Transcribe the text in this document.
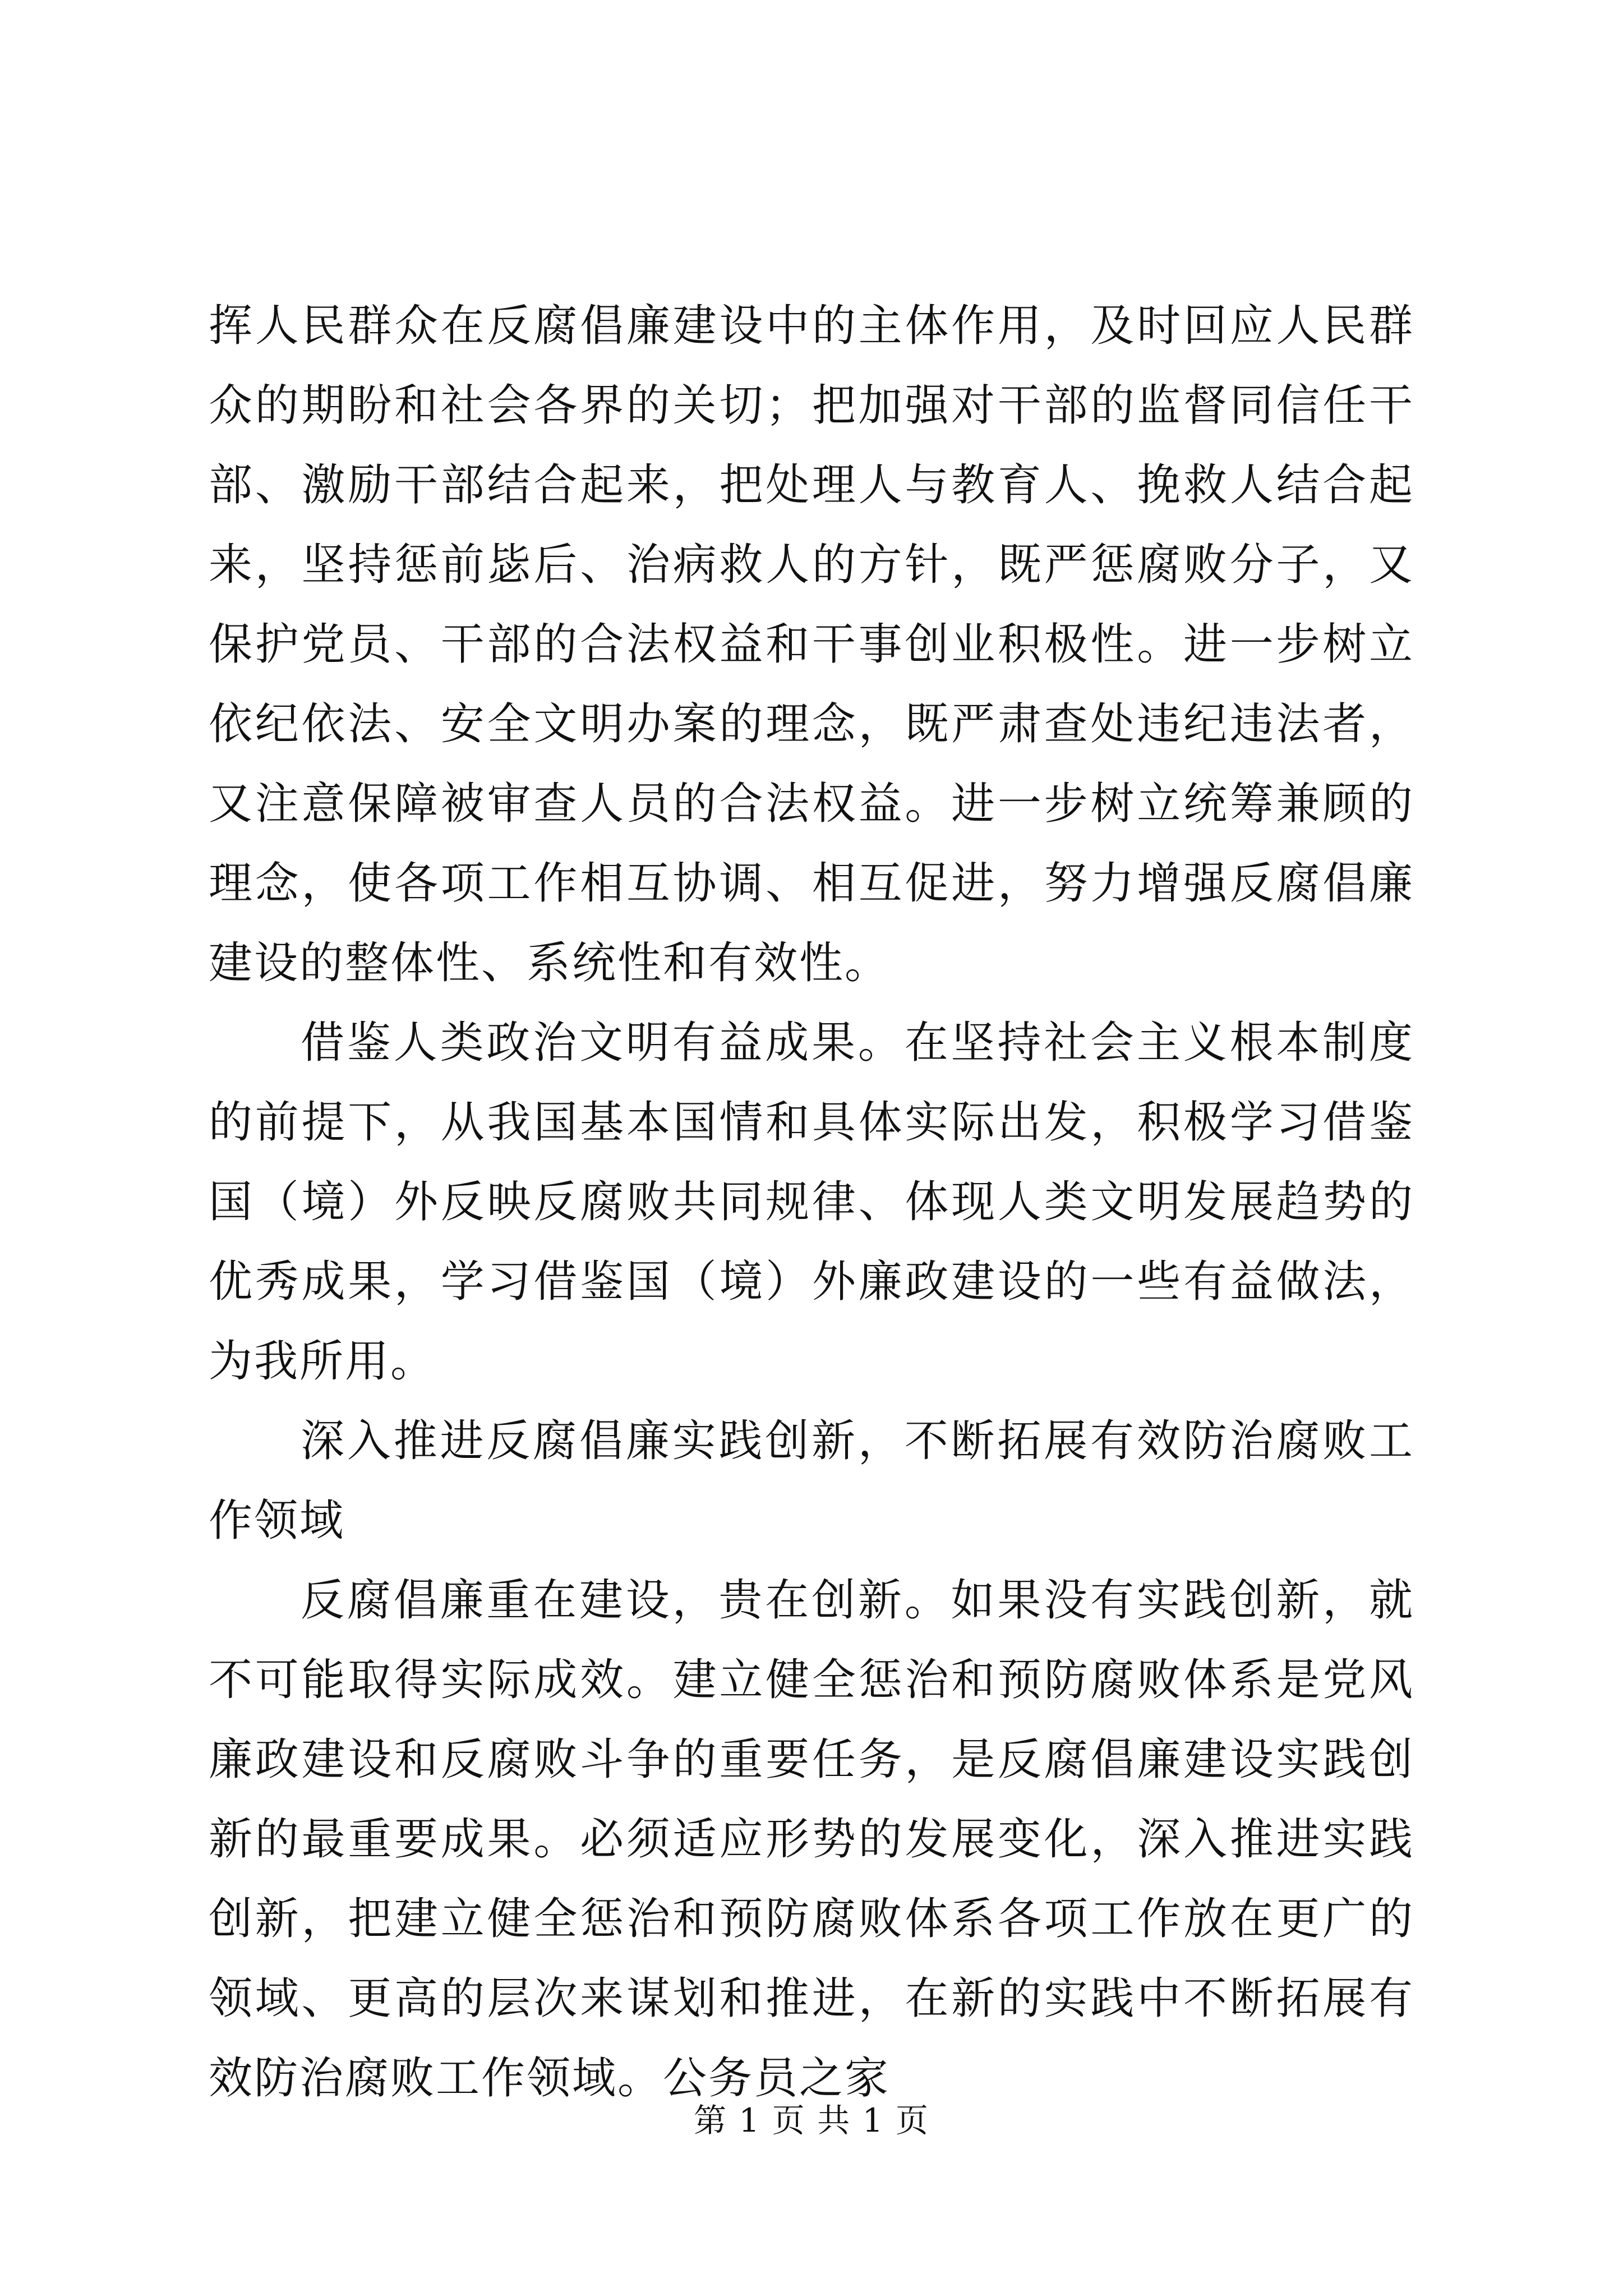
挥人民群众在反腐倡廉建设中的主体作用，及时回应人民群众的期盼和社会各界的关切；把加强对干部的监督同信任干部、激励干部结合起来，把处理人与教育人、挽救人结合起来，坚持惩前毖后、治病救人的方针，既严惩腐败分子，又保护党员、干部的合法权益和干事创业积极性。进一步树立依纪依法、安全文明办案的理念，既严肃查处违纪违法者，又注意保障被审查人员的合法权益。进一步树立统筹兼顾的理念，使各项工作相互协调、相互促进，努力增强反腐倡廉建设的整体性、系统性和有效性。

借鉴人类政治文明有益成果。在坚持社会主义根本制度的前提下，从我国基本国情和具体实际出发，积极学习借鉴国（境）外反映反腐败共同规律、体现人类文明发展趋势的优秀成果，学习借鉴国（境）外廉政建设的一些有益做法，为我所用。

深入推进反腐倡廉实践创新，不断拓展有效防治腐败工作领域

反腐倡廉重在建设，贵在创新。如果没有实践创新，就不可能取得实际成效。建立健全惩治和预防腐败体系是党风廉政建设和反腐败斗争的重要任务，是反腐倡廉建设实践创新的最重要成果。必须适应形势的发展变化，深入推进实践创新，把建立健全惩治和预防腐败体系各项工作放在更广的领域、更高的层次来谋划和推进，在新的实践中不断拓展有效防治腐败工作领域。公务员之家

第 1 页 共 1 页
